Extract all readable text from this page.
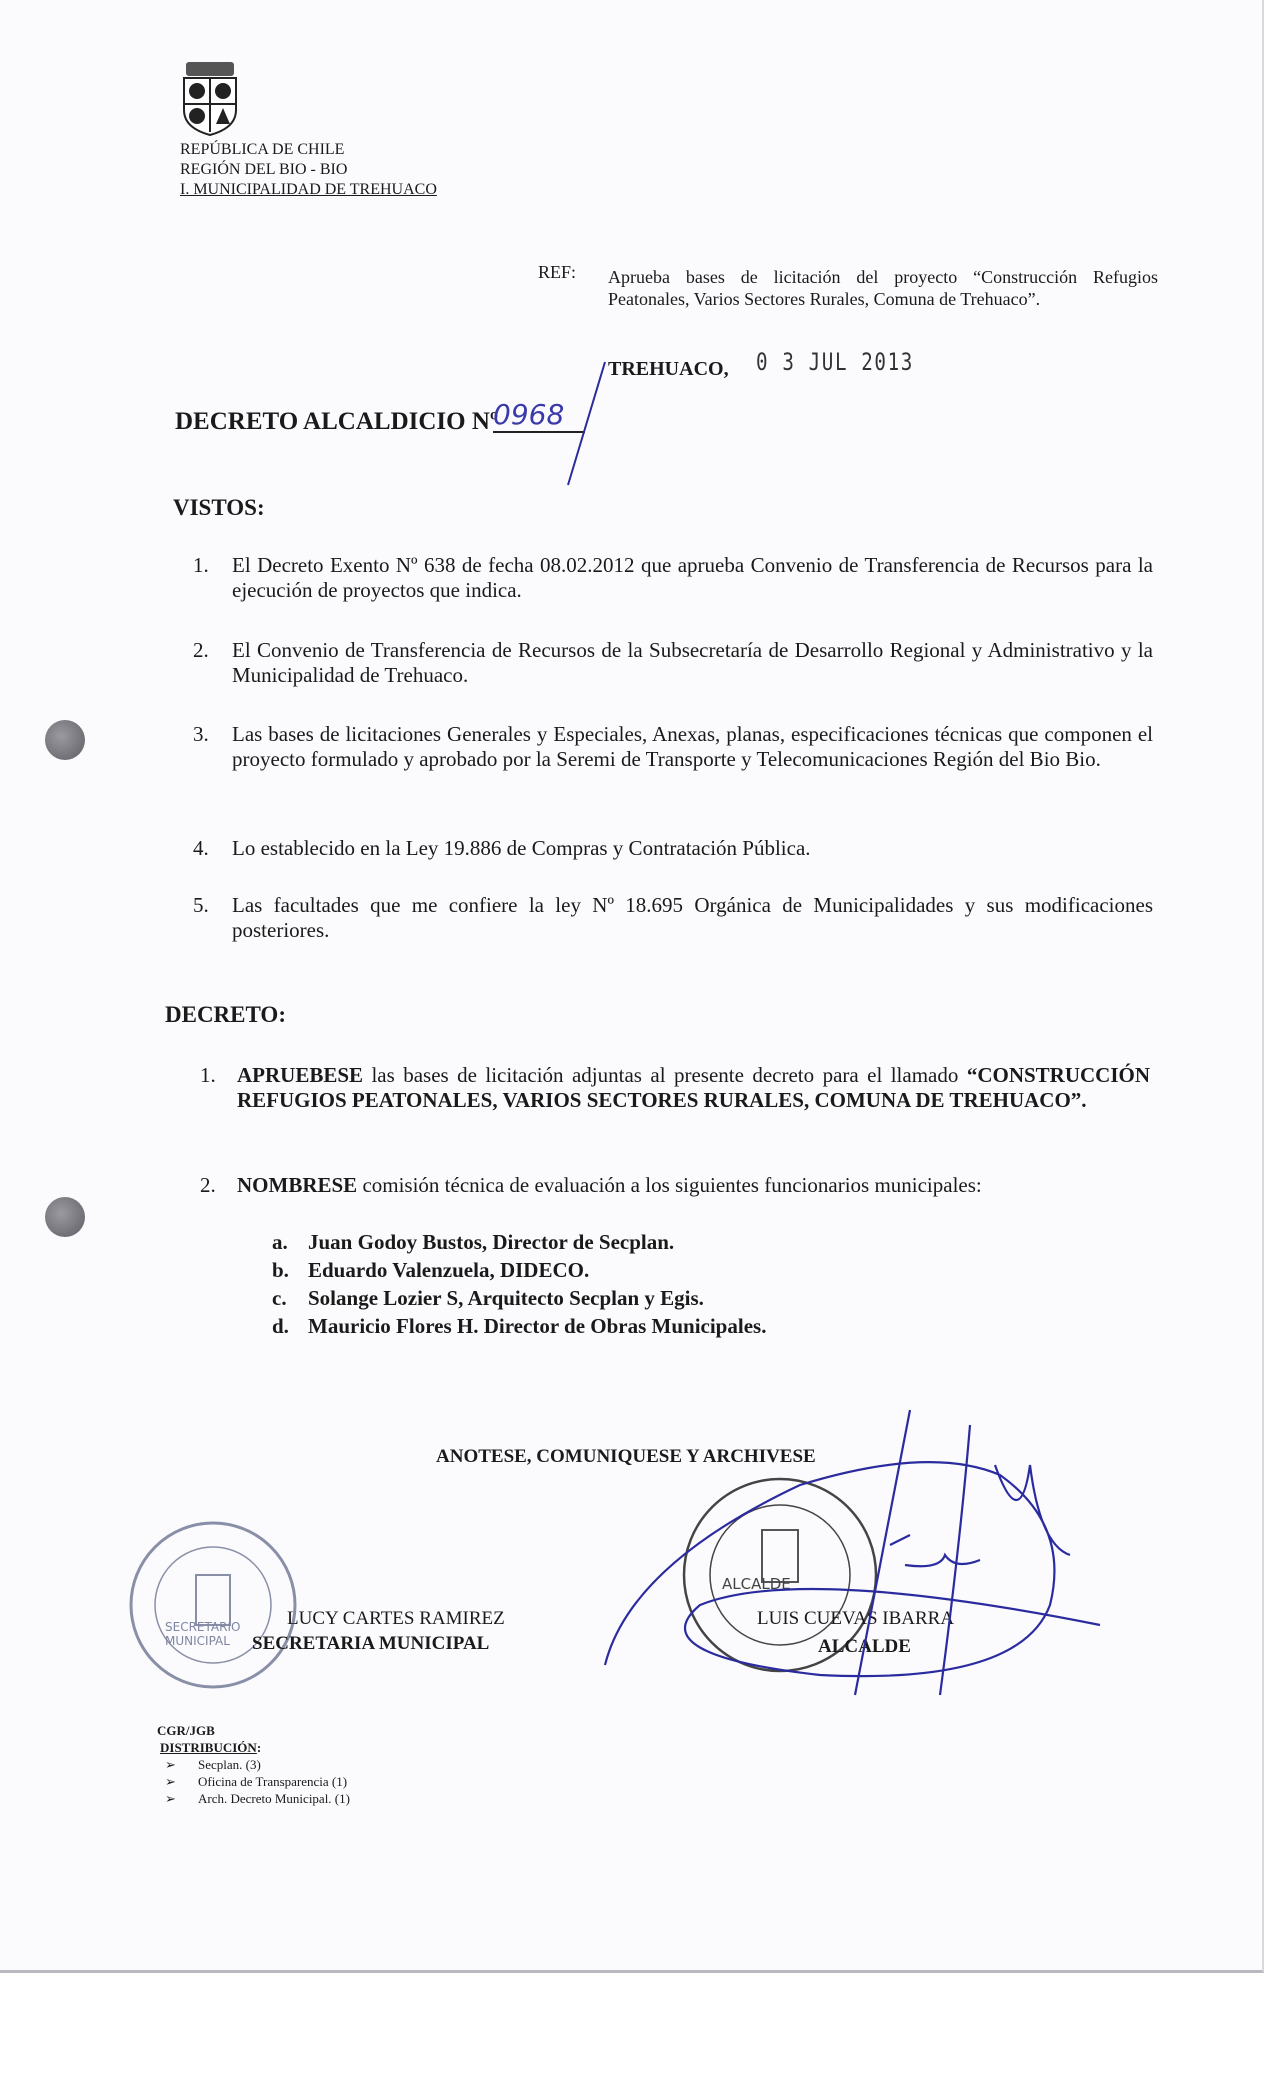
REPÚBLICA DE CHILE
REGIÓN DEL BIO - BIO
I. MUNICIPALIDAD DE TREHUACO
REF: Aprueba bases de licitación del proyecto “Construcción Refugios Peatonales, Varios Sectores Rurales, Comuna de Trehuaco”.
TREHUACO, 0 3 JUL 2013
DECRETO ALCALDICIO Nº
0968
VISTOS:
1. El Decreto Exento Nº 638 de fecha 08.02.2012 que aprueba Convenio de Transferencia de Recursos para la ejecución de proyectos que indica.
2. El Convenio de Transferencia de Recursos de la Subsecretaría de Desarrollo Regional y Administrativo y la Municipalidad de Trehuaco.
3. Las bases de licitaciones Generales y Especiales, Anexas, planas, especificaciones técnicas que componen el proyecto formulado y aprobado por la Seremi de Transporte y Telecomunicaciones Región del Bio Bio.
4. Lo establecido en la Ley 19.886 de Compras y Contratación Pública.
5. Las facultades que me confiere la ley Nº 18.695 Orgánica de Municipalidades y sus modificaciones posteriores.
DECRETO:
1. APRUEBESE las bases de licitación adjuntas al presente decreto para el llamado “CONSTRUCCIÓN REFUGIOS PEATONALES, VARIOS SECTORES RURALES, COMUNA DE TREHUACO”.
2. NOMBRESE comisión técnica de evaluación a los siguientes funcionarios municipales:
a. Juan Godoy Bustos, Director de Secplan.
b. Eduardo Valenzuela, DIDECO.
c. Solange Lozier S, Arquitecto Secplan y Egis.
d. Mauricio Flores H. Director de Obras Municipales.
ANOTESE, COMUNIQUESE Y ARCHIVESE
SECRETARIO
MUNICIPAL
LUCY CARTES RAMIREZ
SECRETARIA MUNICIPAL
ALCALDE
LUIS CUEVAS IBARRA
ALCALDE
CGR/JGB
DISTRIBUCIÓN:
➢ Secplan. (3)
➢ Oficina de Transparencia (1)
➢ Arch. Decreto Municipal. (1)
